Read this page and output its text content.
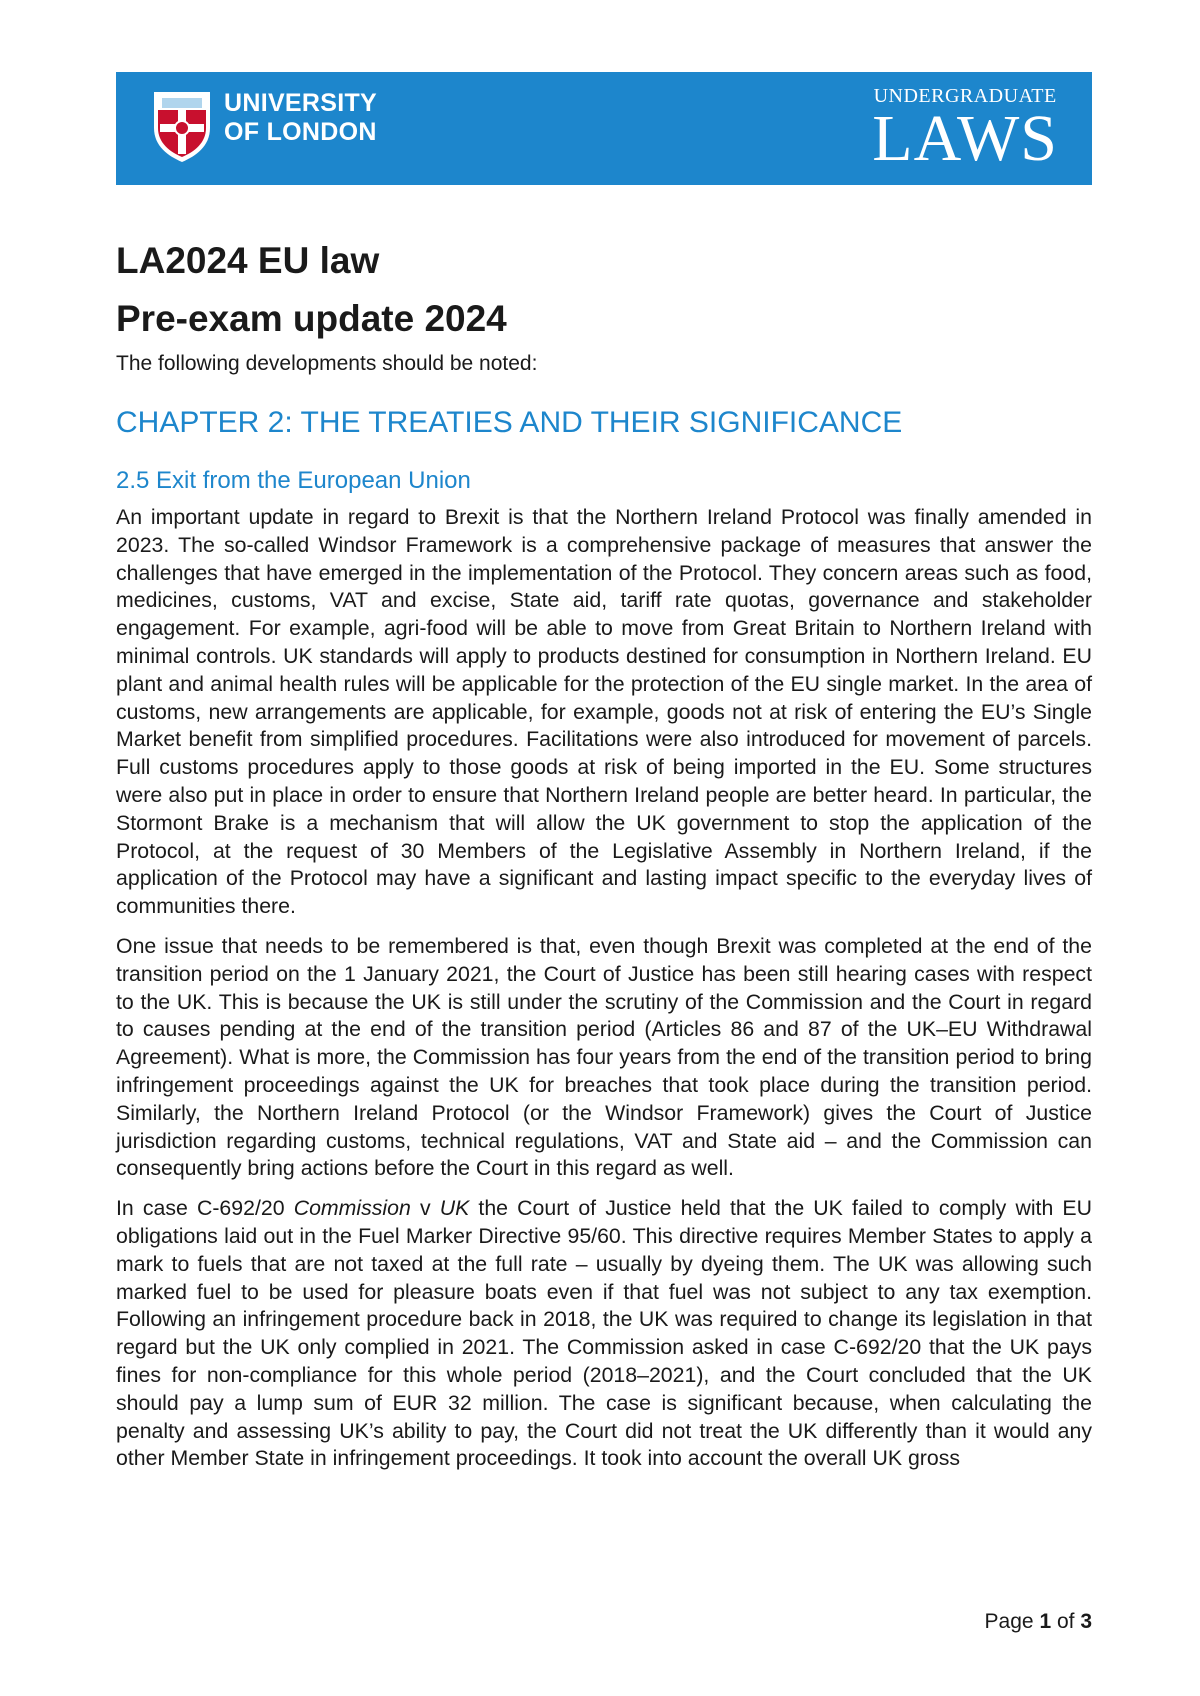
UNIVERSITY
OF LONDON
UNDERGRADUATE
LAWS
LA2024 EU law
Pre-exam update 2024

The following developments should be noted:

CHAPTER 2: THE TREATIES AND THEIR SIGNIFICANCE
2.5 Exit from the European Union

An important update in regard to Brexit is that the Northern Ireland Protocol was finally amended in 2023. The so-called Windsor Framework is a comprehensive package of measures that answer the challenges that have emerged in the implementation of the Protocol. They concern areas such as food, medicines, customs, VAT and excise, State aid, tariff rate quotas, governance and stakeholder engagement. For example, agri-food will be able to move from Great Britain to Northern Ireland with minimal controls. UK standards will apply to products destined for consumption in Northern Ireland. EU plant and animal health rules will be applicable for the protection of the EU single market. In the area of customs, new arrangements are applicable, for example, goods not at risk of entering the EU’s Single Market benefit from simplified procedures. Facilitations were also introduced for movement of parcels. Full customs procedures apply to those goods at risk of being imported in the EU. Some structures were also put in place in order to ensure that Northern Ireland people are better heard. In particular, the Stormont Brake is a mechanism that will allow the UK government to stop the application of the Protocol, at the request of 30 Members of the Legislative Assembly in Northern Ireland, if the application of the Protocol may have a significant and lasting impact specific to the everyday lives of communities there.

One issue that needs to be remembered is that, even though Brexit was completed at the end of the transition period on the 1 January 2021, the Court of Justice has been still hearing cases with respect to the UK. This is because the UK is still under the scrutiny of the Commission and the Court in regard to causes pending at the end of the transition period (Articles 86 and 87 of the UK–EU Withdrawal Agreement). What is more, the Commission has four years from the end of the transition period to bring infringement proceedings against the UK for breaches that took place during the transition period. Similarly, the Northern Ireland Protocol (or the Windsor Framework) gives the Court of Justice jurisdiction regarding customs, technical regulations, VAT and State aid – and the Commission can consequently bring actions before the Court in this regard as well.

In case C-692/20 Commission v UK the Court of Justice held that the UK failed to comply with EU obligations laid out in the Fuel Marker Directive 95/60. This directive requires Member States to apply a mark to fuels that are not taxed at the full rate – usually by dyeing them. The UK was allowing such marked fuel to be used for pleasure boats even if that fuel was not subject to any tax exemption. Following an infringement procedure back in 2018, the UK was required to change its legislation in that regard but the UK only complied in 2021. The Commission asked in case C-692/20 that the UK pays fines for non-compliance for this whole period (2018–2021), and the Court concluded that the UK should pay a lump sum of EUR 32 million. The case is significant because, when calculating the penalty and assessing UK’s ability to pay, the Court did not treat the UK differently than it would any other Member State in infringement proceedings. It took into account the overall UK gross

Page 1 of 3
